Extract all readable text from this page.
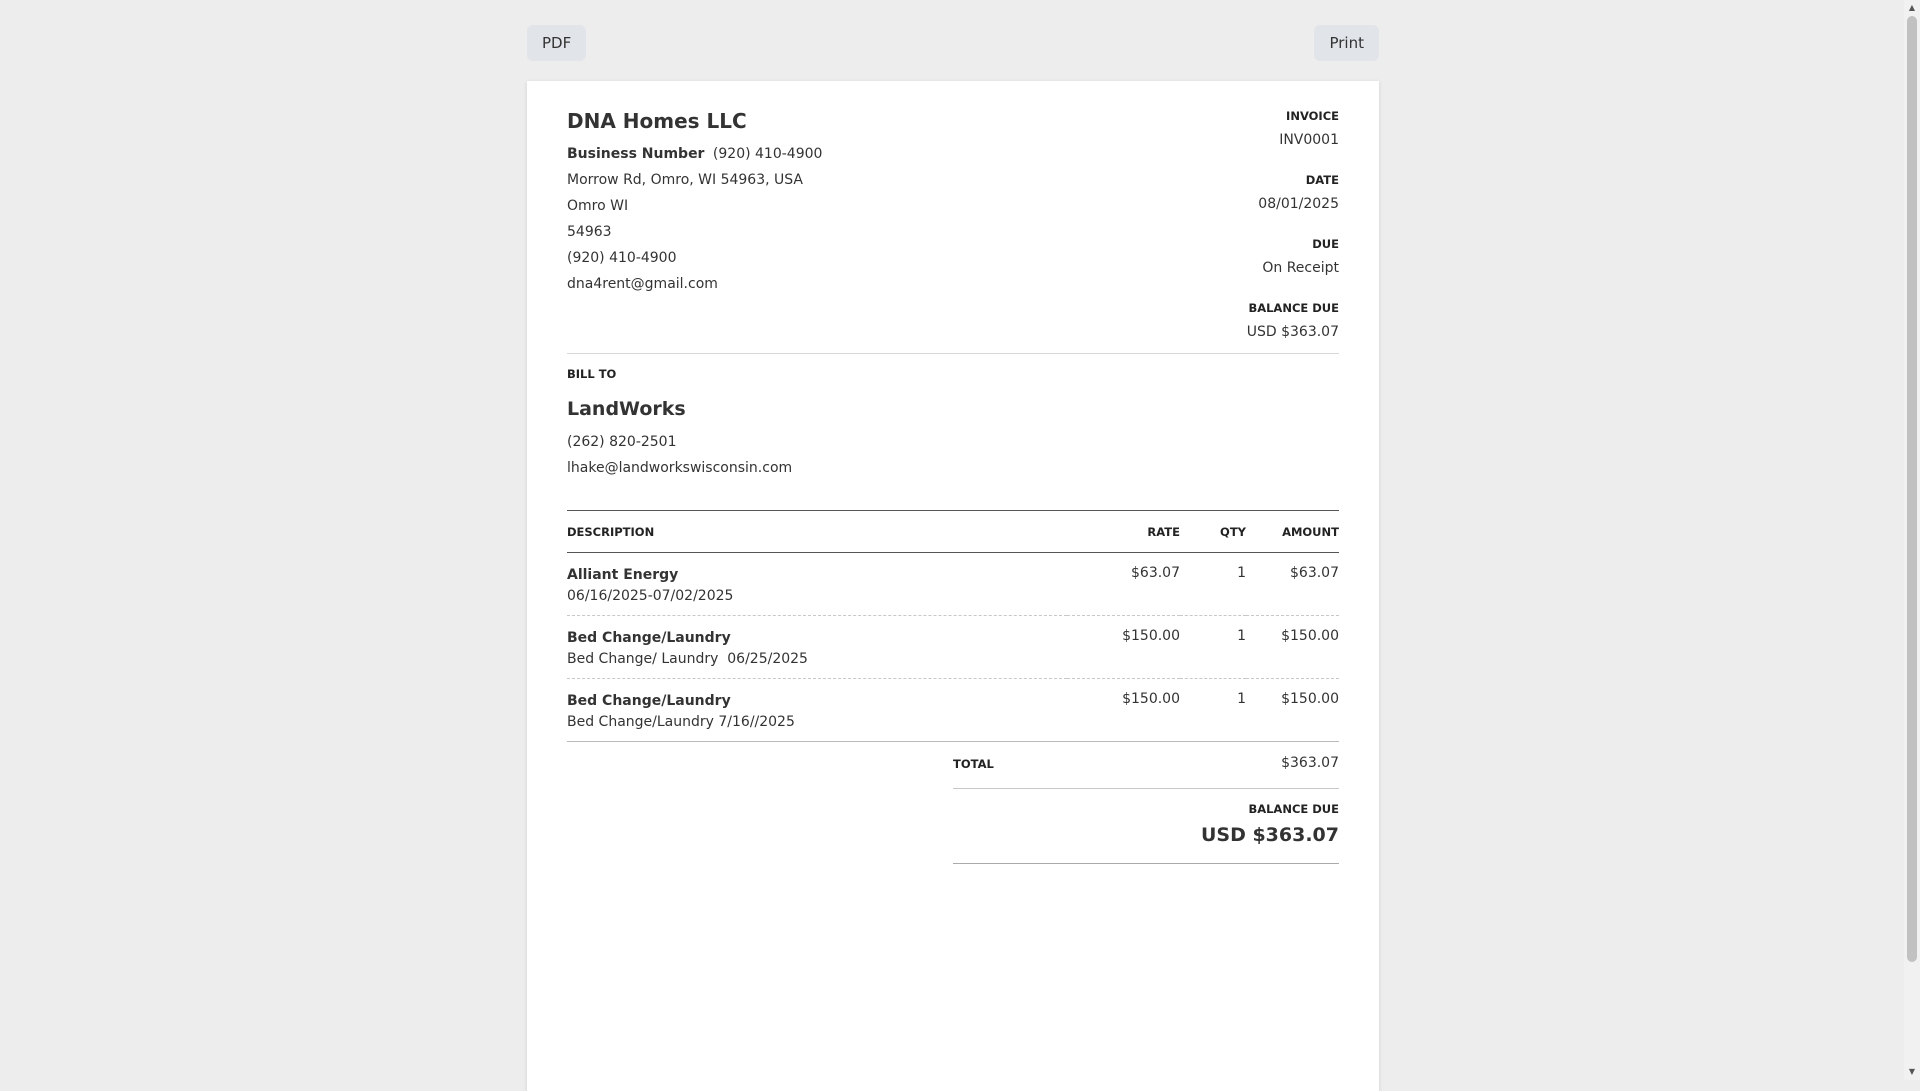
PDF	Print
DNA Homes LLC
Business Number (920) 410-4900
Morrow Rd, Omro, WI 54963, USA
Omro WI
54963
(920) 410-4900
dna4rent@gmail.com
INVOICE
INV0001
DATE
08/01/2025
DUE
On Receipt
BALANCE DUE
USD $363.07
BILL TO
LandWorks
(262) 820-2501
lhake@landworkswisconsin.com
DESCRIPTION	RATE	QTY	AMOUNT

Alliant Energy
06/16/2025-07/02/2025	$63.07	1	$63.07

Bed Change/Laundry
Bed Change/ Laundry  06/25/2025	$150.00	1	$150.00

Bed Change/Laundry
Bed Change/Laundry 7/16//2025	$150.00	1	$150.00
TOTAL	$363.07
BALANCE DUE
USD $363.07
▲
▼
